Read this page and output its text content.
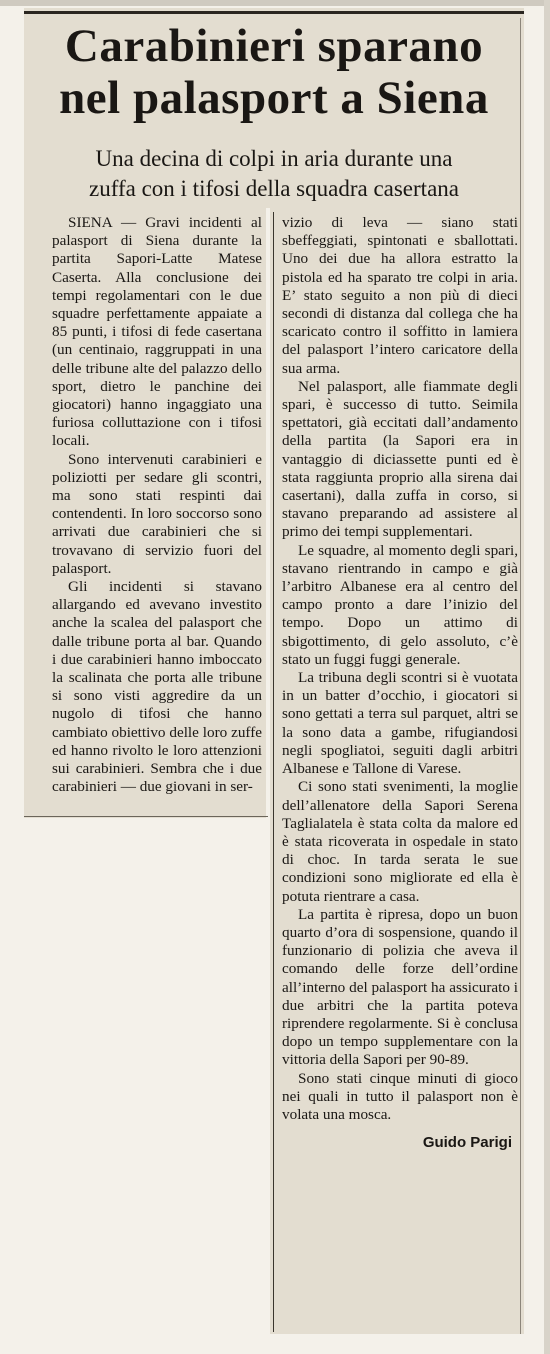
Carabinieri sparano
nel palasport a Siena

Una decina di colpi in aria durante una
zuffa con i tifosi della squadra casertana

SIENA — Gravi incidenti al palasport di Siena durante la partita Sapori-Latte Matese Caserta. Alla conclusione dei tempi regolamentari con le due squadre perfettamente appaiate a 85 punti, i tifosi di fede casertana (un centinaio, raggruppati in una delle tribune alte del palazzo dello sport, dietro le panchine dei giocatori) hanno ingaggiato una furiosa colluttazione con i tifosi locali.

Sono intervenuti carabinieri e poliziotti per sedare gli scontri, ma sono stati respinti dai contendenti. In loro soccorso sono arrivati due carabinieri che si trovavano di servizio fuori del palasport.

Gli incidenti si stavano allargando ed avevano investito anche la scalea del palasport che dalle tribune porta al bar. Quando i due carabinieri hanno imboccato la scalinata che porta alle tribune si sono visti aggredire da un nugolo di tifosi che hanno cambiato obiettivo delle loro zuffe ed hanno rivolto le loro attenzioni sui carabinieri. Sembra che i due carabinieri — due giovani in ser-

vizio di leva — siano stati sbeffeggiati, spintonati e sballottati. Uno dei due ha allora estratto la pistola ed ha sparato tre colpi in aria. E’ stato seguito a non più di dieci secondi di distanza dal collega che ha scaricato contro il soffitto in lamiera del palasport l’intero caricatore della sua arma.

Nel palasport, alle fiammate degli spari, è successo di tutto. Seimila spettatori, già eccitati dall’andamento della partita (la Sapori era in vantaggio di diciassette punti ed è stata raggiunta proprio alla sirena dai casertani), dalla zuffa in corso, si stavano preparando ad assistere al primo dei tempi supplementari.

Le squadre, al momento degli spari, stavano rientrando in campo e già l’arbitro Albanese era al centro del campo pronto a dare l’inizio del tempo. Dopo un attimo di sbigottimento, di gelo assoluto, c’è stato un fuggi fuggi generale.

La tribuna degli scontri si è vuotata in un batter d’occhio, i giocatori si sono gettati a terra sul parquet, altri se la sono data a gambe, rifugiandosi negli spogliatoi, seguiti dagli arbitri Albanese e Tallone di Varese.

Ci sono stati svenimenti, la moglie dell’allenatore della Sapori Serena Taglialatela è stata colta da malore ed è stata ricoverata in ospedale in stato di choc. In tarda serata le sue condizioni sono migliorate ed ella è potuta rientrare a casa.

La partita è ripresa, dopo un buon quarto d’ora di sospensione, quando il funzionario di polizia che aveva il comando delle forze dell’ordine all’interno del palasport ha assicurato i due arbitri che la partita poteva riprendere regolarmente. Si è conclusa dopo un tempo supplementare con la vittoria della Sapori per 90-89.

Sono stati cinque minuti di gioco nei quali in tutto il palasport non è volata una mosca.

Guido Parigi
